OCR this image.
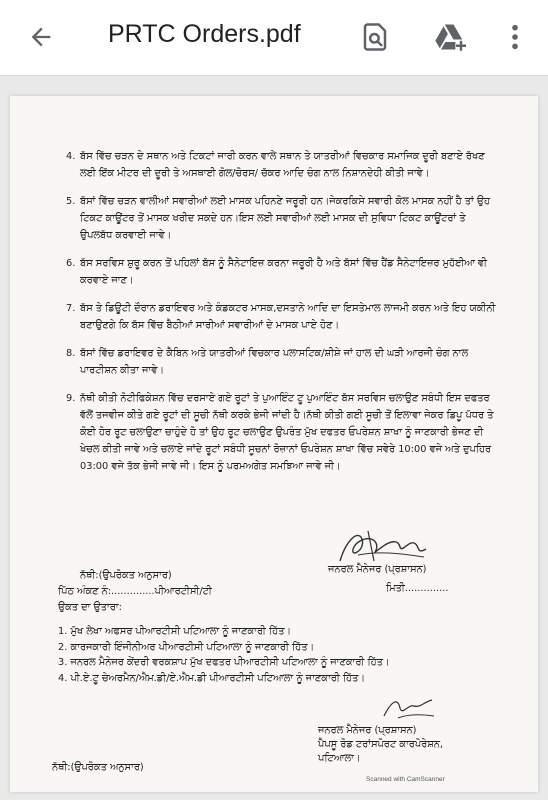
PRTC Orders.pdf
4. ਬੱਸ ਵਿੱਚ ਚੜਨ ਦੇ ਸਥਾਨ ਅਤੇ ਟਿਕਟਾਂ ਜਾਰੀ ਕਰਨ ਵਾਲੇ ਸਥਾਨ ਤੇ ਯਾਤਰੀਆਂ ਵਿਚਕਾਰ ਸਮਾਜਿਕ ਦੂਰੀ ਬਣਾਏ ਰੱਖਣ ਲਈ ਇੱਕ ਮੀਟਰ ਦੀ ਦੂਰੀ ਤੇ ਅਸਥਾਈ ਗੋਲ/ਚੋਰਸ/ ਚੱਕਰ ਆਦਿ ਚੰਗ ਨਾਲ ਨਿਸ਼ਾਨਦੇਹੀ ਕੀਤੀ ਜਾਵੇ।
5. ਬੱਸਾਂ ਵਿੱਚ ਚੜਨ ਵਾਲੀਆਂ ਸਵਾਰੀਆਂ ਲਈ ਮਾਸਕ ਪਹਿਨਣੇ ਜਰੂਰੀ ਹਨ।ਜੇਕਰਕਿਸੇ ਸਵਾਰੀ ਕੋਲ ਮਾਸਕ ਨਹੀਂ ਹੈ ਤਾਂ ਉਹ ਟਿਕਟ ਕਾਊਂਟਰ ਤੋਂ ਮਾਸਕ ਖਰੀਦ ਸਕਦੇ ਹਨ।ਇਸ ਲਈ ਸਵਾਰੀਆਂ ਲਈ ਮਾਸਕ ਦੀ ਸੁਵਿਧਾ ਟਿਕਟ ਕਾਊਂਟਰਾਂ ਤੇ ਉਪਲਬੱਧ ਕਰਵਾਈ ਜਾਵੇ।
6. ਬੱਸ ਸਰਵਿਸ ਸ਼ੁਰੂ ਕਰਨ ਤੋਂ ਪਹਿਲਾਂ ਬੱਸ ਨੂੰ ਸੈਨੇਟਾਇਜ਼ ਕਰਨਾ ਜਰੂਰੀ ਹੈ ਅਤੇ ਬੱਸਾਂ ਵਿੱਚ ਹੈਂਡ ਸੈਨੇਟਾਇਜ਼ਰ ਮੁਹੱਈਆ ਵੀ ਕਰਵਾਏ ਜਾਣ।
7. ਬੱਸ ਤੇ ਡਿਊਟੀ ਦੌਰਾਨ ਡਰਾਇਵਰ ਅਤੇ ਕੰਡਕਟਰ ਮਾਸਕ,ਦਸਤਾਨੇ ਆਦਿ ਦਾ ਇਸਤੇਮਾਲ ਲਾਜਮੀ ਕਰਨ ਅਤੇ ਇਹ ਯਕੀਨੀ ਬਣਾਉਣਗੇ ਕਿ ਬੱਸ ਵਿੱਚ ਬੈਠੀਆਂ ਸਾਰੀਆਂ ਸਵਾਰੀਆਂ ਦੇ ਮਾਸਕ ਪਾਏ ਹੋਣ।
8. ਬੱਸਾਂ ਵਿੱਚ ਡਰਾਇਵਰ ਦੇ ਕੈਬਿਨ ਅਤੇ ਯਾਤਰੀਆਂ ਵਿਚਕਾਰ ਪਲਾਸਟਿਕ/ਸ਼ੀਸ਼ੇ ਜਾਂ ਹਾਲ ਦੀ ਘੜੀ ਆਰਜੀ ਚੰਗ ਨਾਲ ਪਾਰਟੀਸ਼ਨ ਕੀਤਾ ਜਾਵੇ।
9. ਨੱਥੀ ਕੀਤੀ ਨੋਟੀਫਿਕੇਸ਼ਨ ਵਿੱਚ ਦਰਸਾਏ ਗਏ ਰੂਟਾਂ ਤੇ ਪੁਆਇੰਟ ਟੂ ਪੁਆਇੰਟ ਬੱਸ ਸਰਵਿਸ ਚਲਾਉਣ ਸਬੰਧੀ ਇਸ ਦਫਤਰ ਵੱਲੋਂ ਤਜਵੀਜ ਕੀਤੇ ਗਏ ਰੂਟਾਂ ਦੀ ਸੂਚੀ ਨੱਥੀ ਕਰਕੇ ਭੇਜੀ ਜਾਂਦੀ ਹੈ।ਨੱਥੀ ਕੀਤੀ ਗਈ ਸੂਚੀ ਤੋਂ ਇਲਾਵਾ ਜੇਕਰ ਡਿਪੂ ਪੱਧਰ ਤੇ ਕੋਈ ਹੋਰ ਰੂਟ ਚਲਾਉਣਾ ਚਾਹੁੰਦੇ ਹੋ ਤਾਂ ਉਹ ਰੂਟ ਚਲਾਉਣ ਉਪਰੰਤ ਮੁੱਖ ਦਫਤਰ ਓਪਰੇਸ਼ਨ ਸ਼ਾਖਾ ਨੂੰ ਜਾਣਕਾਰੀ ਭੇਜਣ ਦੀ ਖੇਚਲ ਕੀਤੀ ਜਾਵੇ ਅਤੇ ਚਲਾਏ ਜਾਂਦੇ ਰੂਟਾਂ ਸਬੰਧੀ ਸੂਚਨਾਂ ਰੋਜ਼ਾਨਾਂ ਓਪਰੇਸ਼ਨ ਸ਼ਾਖਾ ਵਿੱਚ ਸਵੇਰੇ 10:00 ਵਜੇ ਅਤੇ ਦੁਪਹਿਰ 03:00 ਵਜੇ ਤੱਕ ਭੇਜੀ ਜਾਵੇ ਜੀ। ਇਸ ਨੂੰ ਪਰਮਅਗੇਤ ਸਮਝਿਆ ਜਾਵੇ ਜੀ।
ਜਨਰਲ ਮੈਨੇਜਰ (ਪ੍ਰਸ਼ਾਸਨ)
ਮਿਤੀ..............
ਨੱਥੀ:(ਉਪਰੋਕਤ ਅਨੁਸਾਰ)
ਪਿੱਠ ਅੰਕਣ ਨੰ:..............ਪੀਆਰਟੀਸੀ/ਟੀ
ਉਕਤ ਦਾ ਉਤਾਰਾ:
1. ਮੁੱਖ ਲੇਖਾ ਅਫਸਰ ਪੀਆਰਟੀਸੀ ਪਟਿਆਲਾ ਨੂੰ ਜਾਣਕਾਰੀ ਹਿੱਤ।
2. ਕਾਰਜਕਾਰੀ ਇੰਜੀਨੀਅਰ ਪੀਆਰਟੀਸੀ ਪਟਿਆਲਾ ਨੂੰ ਜਾਣਕਾਰੀ ਹਿੱਤ।
3. ਜਨਰਲ ਮੈਨੇਜਰ ਕੇਂਦਰੀ ਵਰਕਸ਼ਾਪ ਮੁੱਖ ਦਫਤਰ ਪੀਆਰਟੀਸੀ ਪਟਿਆਲਾ ਨੂੰ ਜਾਣਕਾਰੀ ਹਿੱਤ।
4. ਪੀ.ਏ.ਟੂ ਚੇਅਰਮੈਨ/ਐਮ.ਡੀ/ਏ.ਐਮ.ਡੀ ਪੀਆਰਟੀਸੀ ਪਟਿਆਲਾ ਨੂੰ ਜਾਣਕਾਰੀ ਹਿੱਤ।
ਜਨਰਲ ਮੈਨੇਜਰ (ਪ੍ਰਸ਼ਾਸਨ)
ਪੈਪਸੂ ਰੋਡ ਟਰਾਂਸਪੋਰਟ ਕਾਰਪੋਰੇਸ਼ਨ,
ਪਟਿਆਲਾ।
ਨੱਥੀ:(ਉਪਰੋਕਤ ਅਨੁਸਾਰ)
Scanned with CamScanner
